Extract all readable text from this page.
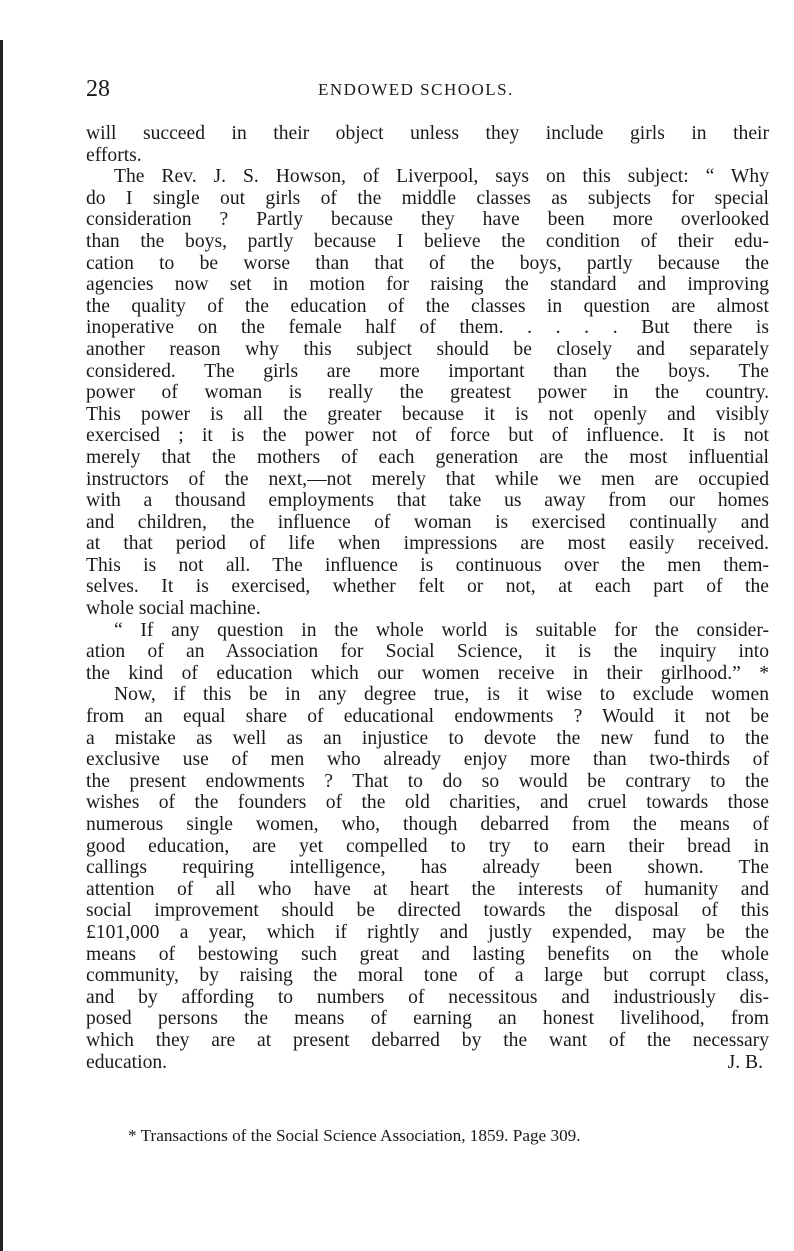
28	ENDOWED SCHOOLS.
will succeed in their object unless they include girls in their
efforts.
The Rev. J. S. Howson, of Liverpool, says on this subject: “ Why
do I single out girls of the middle classes as subjects for special
consideration ? Partly because they have been more overlooked
than the boys, partly because I believe the condition of their edu-
cation to be worse than that of the boys, partly because the
agencies now set in motion for raising the standard and improving
the quality of the education of the classes in question are almost
inoperative on the female half of them. . . . . But there is
another reason why this subject should be closely and separately
considered. The girls are more important than the boys. The
power of woman is really the greatest power in the country.
This power is all the greater because it is not openly and visibly
exercised ; it is the power not of force but of influence. It is not
merely that the mothers of each generation are the most influential
instructors of the next,—not merely that while we men are occupied
with a thousand employments that take us away from our homes
and children, the influence of woman is exercised continually and
at that period of life when impressions are most easily received.
This is not all. The influence is continuous over the men them-
selves. It is exercised, whether felt or not, at each part of the
whole social machine.
“ If any question in the whole world is suitable for the consider-
ation of an Association for Social Science, it is the inquiry into
the kind of education which our women receive in their girlhood.” *
Now, if this be in any degree true, is it wise to exclude women
from an equal share of educational endowments ? Would it not be
a mistake as well as an injustice to devote the new fund to the
exclusive use of men who already enjoy more than two-thirds of
the present endowments ? That to do so would be contrary to the
wishes of the founders of the old charities, and cruel towards those
numerous single women, who, though debarred from the means of
good education, are yet compelled to try to earn their bread in
callings requiring intelligence, has already been shown. The
attention of all who have at heart the interests of humanity and
social improvement should be directed towards the disposal of this
£101,000 a year, which if rightly and justly expended, may be the
means of bestowing such great and lasting benefits on the whole
community, by raising the moral tone of a large but corrupt class,
and by affording to numbers of necessitous and industriously dis-
posed persons the means of earning an honest livelihood, from
which they are at present debarred by the want of the necessary
education.	J. B.
* Transactions of the Social Science Association, 1859. Page 309.
